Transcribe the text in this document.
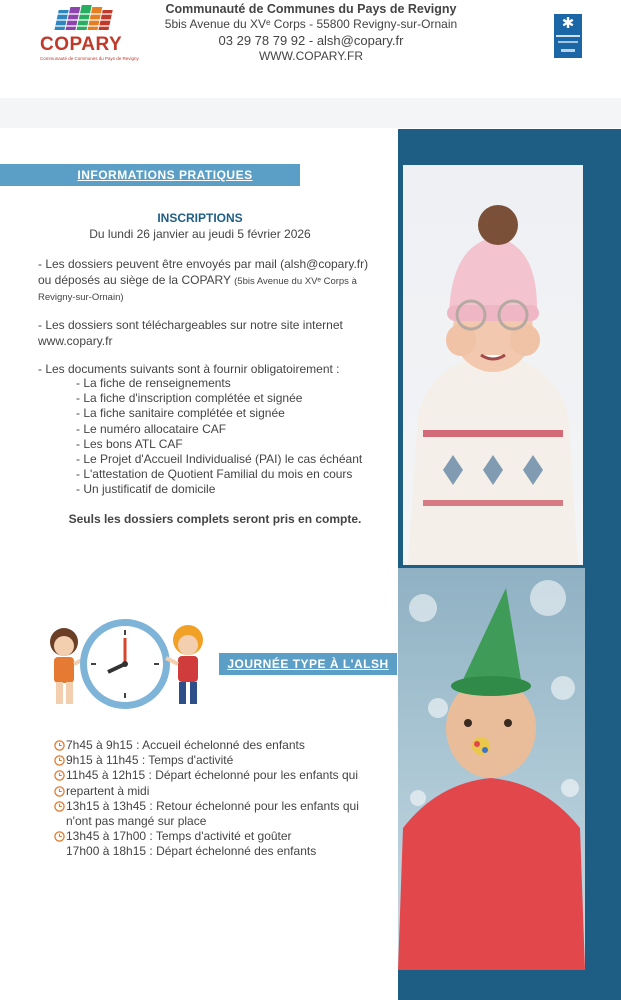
COPARY
Communauté de Communes du Pays de Revigny
Communauté de Communes du Pays de Revigny
5bis Avenue du XVᵉ Corps - 55800 Revigny-sur-Ornain
03 29 78 79 92 - alsh@copary.fr
WWW.COPARY.FR
✱
INFORMATIONS PRATIQUES
INSCRIPTIONS
Du lundi 26 janvier au jeudi 5 février 2026
- Les dossiers peuvent être envoyés par mail (alsh@copary.fr)
ou déposés au siège de la COPARY (5bis Avenue du XVᵉ Corps à Revigny-sur-Ornain)
- Les dossiers sont téléchargeables sur notre site internet www.copary.fr
- Les documents suivants sont à fournir obligatoirement :
- La fiche de renseignements
- La fiche d'inscription complétée et signée
- La fiche sanitaire complétée et signée
- Le numéro allocataire CAF
- Les bons ATL CAF
- Le Projet d'Accueil Individualisé (PAI) le cas échéant
- L'attestation de Quotient Familial du mois en cours
- Un justificatif de domicile
Seuls les dossiers complets seront pris en compte.
JOURNÉE TYPE À L'ALSH
7h45 à 9h15 : Accueil échelonné des enfants
9h15 à 11h45 : Temps d'activité
11h45 à 12h15 : Départ échelonné pour les enfants qui
repartent à midi
13h15 à 13h45 : Retour échelonné pour les enfants qui
n'ont pas mangé sur place
13h45 à 17h00 : Temps d'activité et goûter
17h00 à 18h15 : Départ échelonné des enfants
